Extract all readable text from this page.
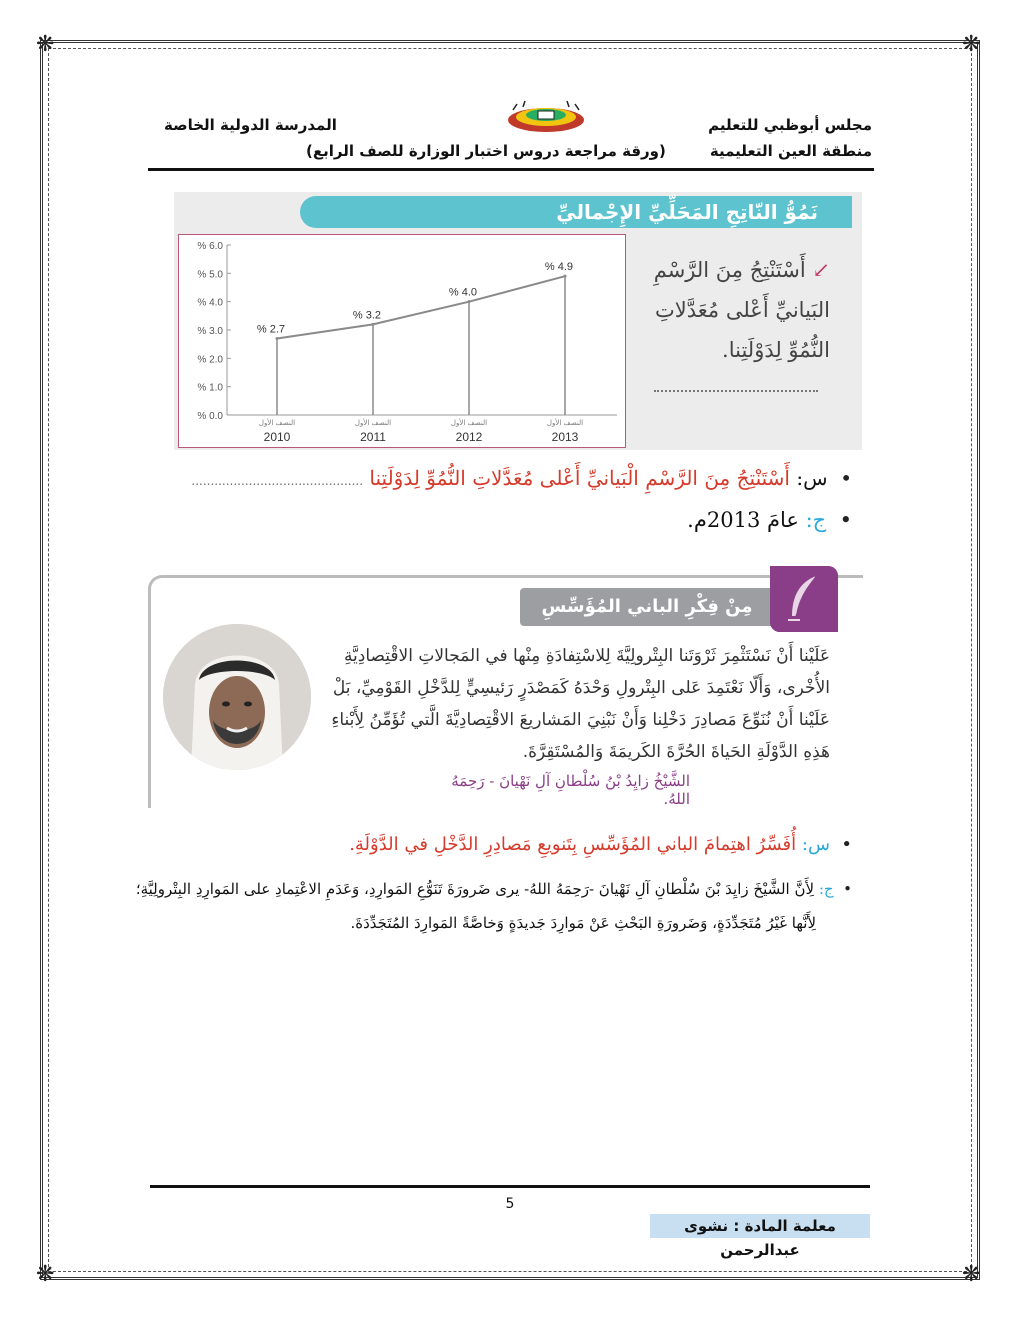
❋	❋
❋	❋
مجلس أبوظبي للتعليم
منطقة العين التعليمية
المدرسة الدولية الخاصة
(ورقة مراجعة دروس اختبار الوزارة للصف الرابع)
نَمُوُّ النّاتِجِ المَحَلِّيِّ الإِجْماليِّ
% 0.0
% 1.0
% 2.0
% 3.0
% 4.0
% 5.0
% 6.0
% 2.7
% 3.2
% 4.0
% 4.9
النصف الأول
2010
النصف الأول
2011
النصف الأول
2012
النصف الأول
2013
↙ أَسْتَنْتِجُ مِنَ الرَّسْمِ
البَيانيِّ أَعْلى مُعَدَّلاتِ
النُّمُوِّ لِدَوْلَتِنا.
•  س: أَسْتَنْتِجُ مِنَ الرَّسْمِ الْبَيانيِّ أَعْلى مُعَدَّلاتِ النُّمُوِّ لِدَوْلَتِنا .............................................
•  ج: عامَ 2013م.
مِنْ فِكْرِ الباني المُؤَسِّسِ
عَلَيْنا أَنْ نَسْتَثْمِرَ ثَرْوَتَنا البِتْرولِيَّةَ لِلاسْتِفادَةِ مِنْها في المَجالاتِ الاقْتِصادِيَّةِ الأُخْرى، وَأَلّا نَعْتَمِدَ عَلى البِتْرولِ وَحْدَهُ كَمَصْدَرٍ رَئيسِيٍّ لِلدَّخْلِ القَوْمِيِّ، بَلْ عَلَيْنا أَنْ نُنَوِّعَ مَصادِرَ دَخْلِنا وَأَنْ نَبْنِيَ المَشاريعَ الاقْتِصادِيَّةَ الَّتي تُؤَمِّنُ لِأَبْناءِ هَذِهِ الدَّوْلَةِ الحَياةَ الحُرَّةَ الكَريمَةَ وَالمُسْتَقِرَّةَ.
الشَّيْخُ زايِدُ بْنُ سُلْطانِ آلِ نَهْيانَ - رَحِمَهُ اللهُ.
•  س: أُفَسِّرُ اهتِمامَ الباني المُؤَسِّسِ بِتَنويعِ مَصادِرِ الدَّخْلِ في الدَّوْلَةِ.
•  ج: لِأَنَّ الشَّيْخَ زايِدَ بْنَ سُلْطانِ آلِ نَهْيانَ -رَحِمَهُ اللهُ- يرى ضَرورَةَ تَنَوُّعِ المَوارِدِ، وَعَدَمِ الاعْتِمادِ على المَوارِدِ البِتْرولِيَّةِ؛
لِأَنَّها غَيْرُ مُتَجَدِّدَةٍ، وَضَرورَةِ البَحْثِ عَنْ مَوارِدَ جَديدَةٍ وَخاصَّةً المَوارِدَ المُتَجَدِّدَةَ.
5
معلمة المادة : نشوى عبدالرحمن
